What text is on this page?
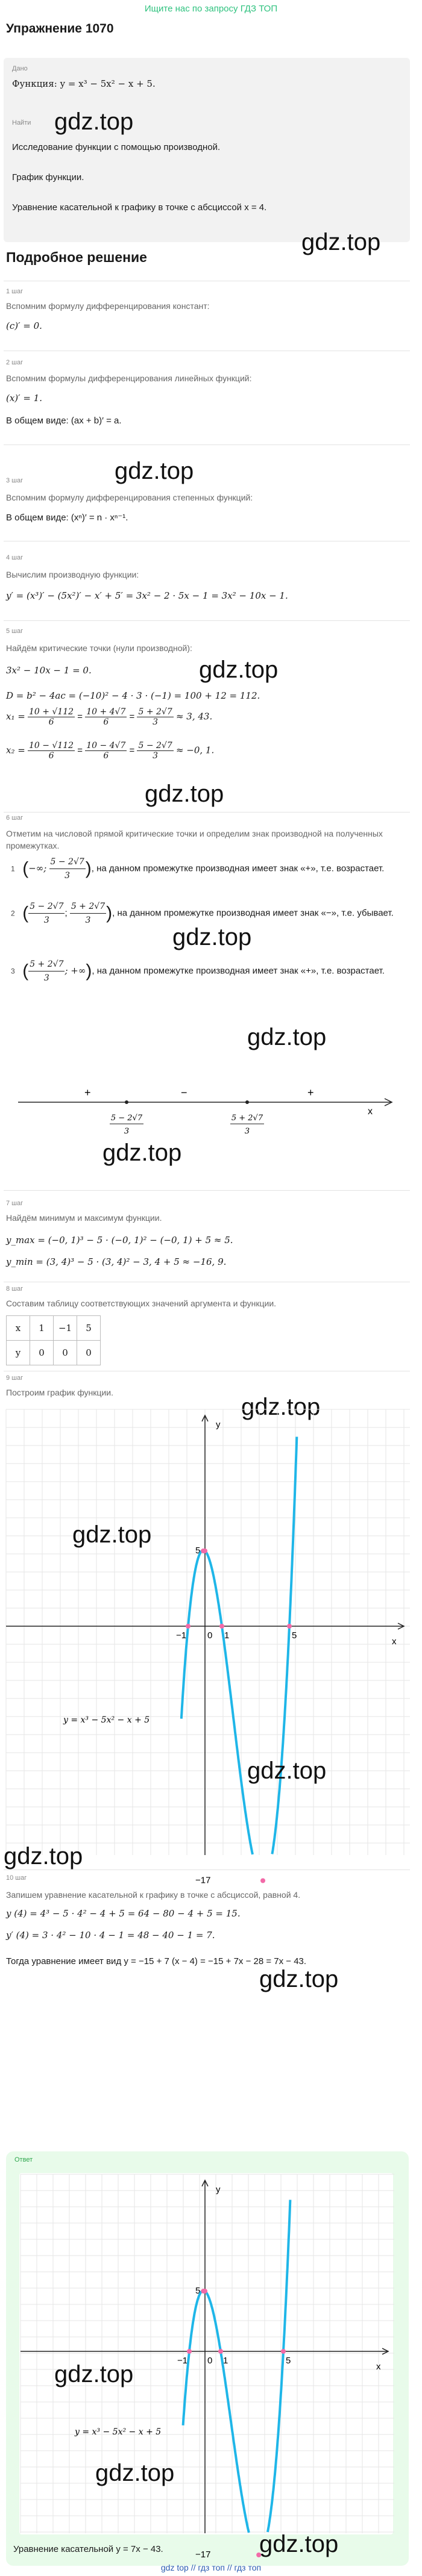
Ищите нас по запросу ГДЗ ТОП
Упражнение 1070
Дано
Функция: y = x³ − 5x² − x + 5.
Найти
Исследование функции с помощью производной.
График функции.
Уравнение касательной к графику в точке с абсциссой x = 4.
gdz.top
gdz.top
Подробное решение
1 шаг
Вспомним формулу дифференцирования констант:
(c)′ = 0.
2 шаг
Вспомним формулы дифференцирования линейных функций:
(x)′ = 1.
В общем виде: (ax + b)′ = a.
gdz.top
3 шаг
Вспомним формулу дифференцирования степенных функций:
В общем виде: (xⁿ)′ = n · xⁿ⁻¹.
4 шаг
Вычислим производную функции:
y′ = (x³)′ − (5x²)′ − x′ + 5′ = 3x² − 2 · 5x − 1 = 3x² − 10x − 1.
5 шаг
Найдём критические точки (нули производной):
gdz.top
3x² − 10x − 1 = 0.
D = b² − 4ac = (−10)² − 4 · 3 · (−1) = 100 + 12 = 112.
$x_1 = \frac{10 + √112}{6} = \frac{10 + 4√7}{6} = \frac{5 + 2√7}{3} \approx 3$, 43.
$x_2 = \frac{10 - √112}{6} = \frac{10 - 4√7}{6} = \frac{5 - 2√7}{3} \approx -0$, 1.
gdz.top
6 шаг
Отметим на числовой прямой критические точки и определим знак производной на полученных промежутках.
1 (−∞; $\frac{5 - 2√7}{3}$ ), на данном промежутке производная имеет знак «+», т.е. возрастает.
2 ( $\frac{5 - 2√7}{3}$ ; $\frac{5 + 2√7}{3}$ ), на данном промежутке производная имеет знак «−», т.е. убывает.
gdz.top
3 ( $\frac{5 + 2√7}{3}$ ; +∞), на данном промежутке производная имеет знак «+», т.е. возрастает.
gdz.top
+	−	+
x
5 − 2√7
3
5 + 2√7
3
gdz.top
7 шаг
Найдём минимум и максимум функции.
y_max = (−0, 1)³ − 5 · (−0, 1)² − (−0, 1) + 5 ≈ 5.
y_min = (3, 4)³ − 5 · (3, 4)² − 3, 4 + 5 ≈ −16, 9.
8 шаг
Составим таблицу соответствующих значений аргумента и функции.
x	1	−1	5
y	0	0	0
9 шаг
Построим график функции.
gdz.top
x
y
−1 0 1	5
5
−17
y = x³ − 5x² − x + 5
gdz.top
gdz.top
gdz.top
10 шаг
Запишем уравнение касательной к графику в точке с абсциссой, равной 4.
y (4) = 4³ − 5 · 4² − 4 + 5 = 64 − 80 − 4 + 5 = 15.
y′ (4) = 3 · 4² − 10 · 4 − 1 = 48 − 40 − 1 = 7.
Тогда уравнение имеет вид y = −15 + 7 (x − 4) = −15 + 7x − 28 = 7x − 43.
gdz.top
Ответ
Уравнение касательной y = 7x − 43.
x
y
−1 0 1	5
5
−17
y = x³ − 5x² − x + 5
gdz.top
gdz.top
gdz.top
gdz top // гдз топ // гдз топ
